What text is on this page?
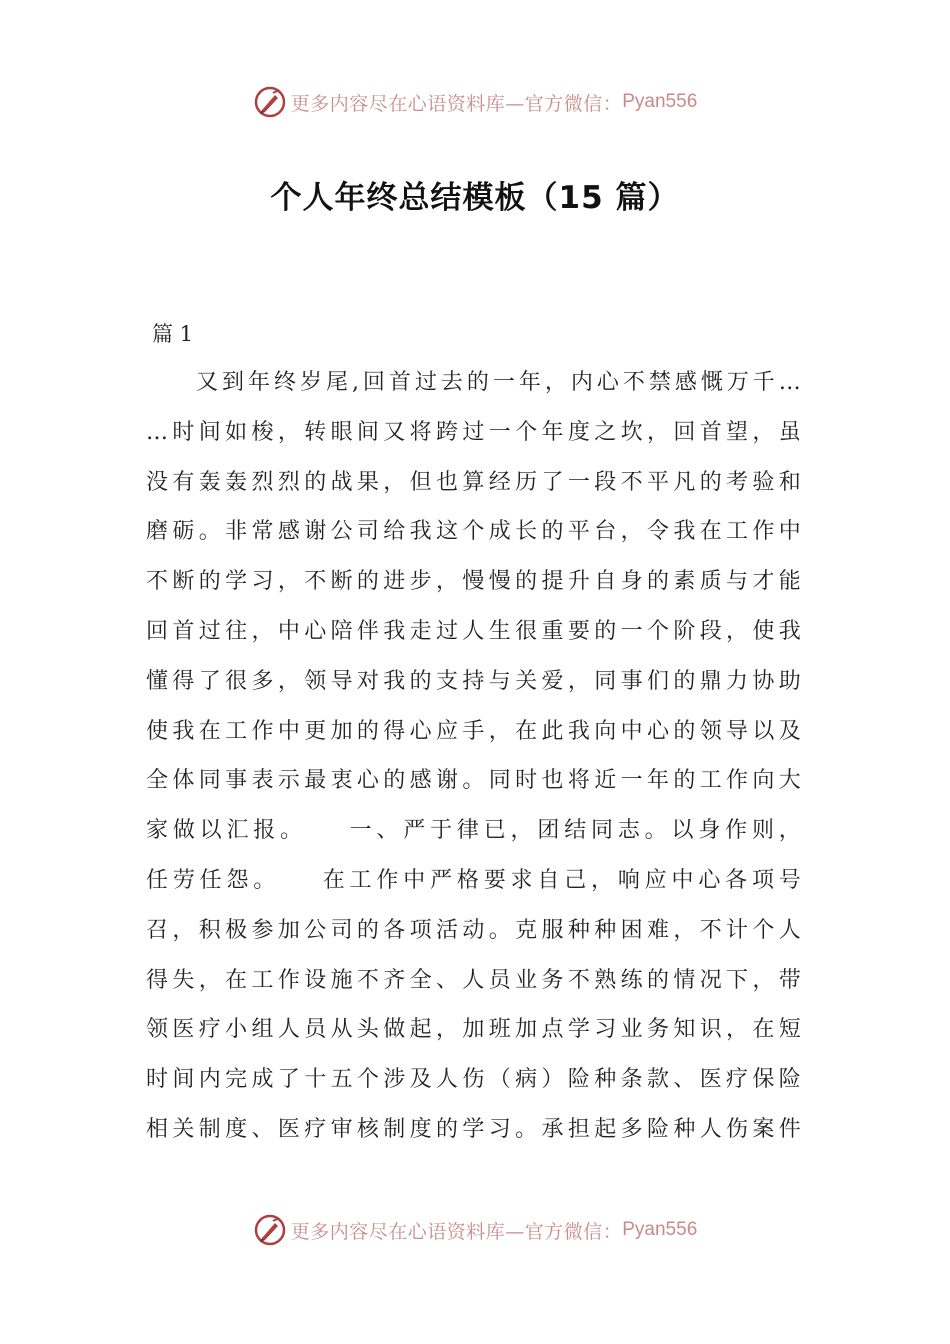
更多内容尽在心语资料库—官方微信： Pyan556
个人年终总结模板（15 篇）
篇 1
又到年终岁尾,回首过去的一年，内心不禁感慨万千…
…时间如梭，转眼间又将跨过一个年度之坎，回首望，虽
没有轰轰烈烈的战果，但也算经历了一段不平凡的考验和
磨砺。非常感谢公司给我这个成长的平台，令我在工作中
不断的学习，不断的进步，慢慢的提升自身的素质与才能
回首过往，中心陪伴我走过人生很重要的一个阶段，使我
懂得了很多，领导对我的支持与关爱，同事们的鼎力协助
使我在工作中更加的得心应手，在此我向中心的领导以及
全体同事表示最衷心的感谢。同时也将近一年的工作向大
家做以汇报。　　一、严于律已，团结同志。以身作则，
任劳任怨。　　在工作中严格要求自己，响应中心各项号
召，积极参加公司的各项活动。克服种种困难，不计个人
得失，在工作设施不齐全、人员业务不熟练的情况下，带
领医疗小组人员从头做起，加班加点学习业务知识，在短
时间内完成了十五个涉及人伤（病）险种条款、医疗保险
相关制度、医疗审核制度的学习。承担起多险种人伤案件
更多内容尽在心语资料库—官方微信： Pyan556
